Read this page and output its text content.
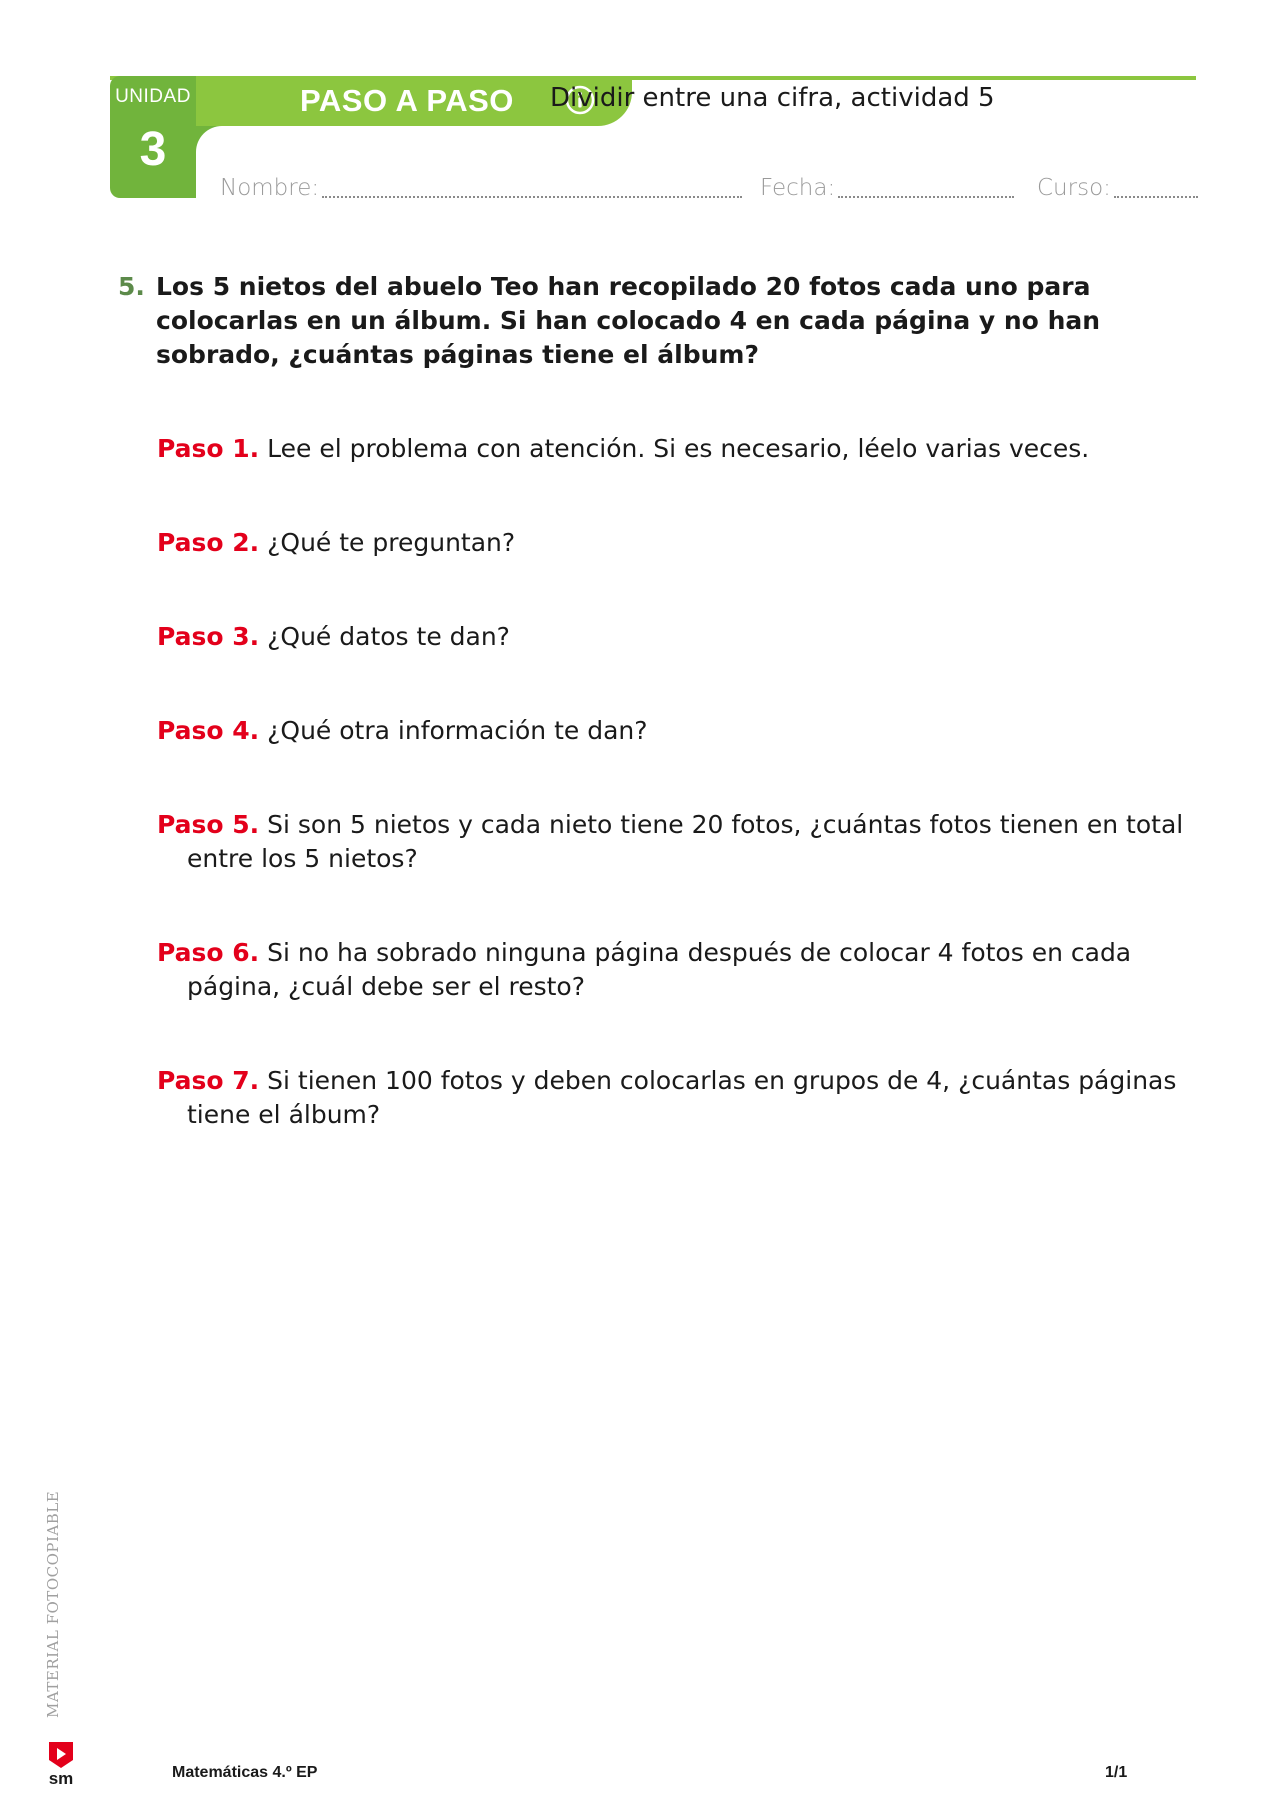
UNIDAD
3
PASO A PASO Dividir entre una cifra, actividad 5
Nombre:	Fecha:	Curso:
5. Los 5 nietos del abuelo Teo han recopilado 20 fotos cada uno para colocarlas en un álbum. Si han colocado 4 en cada página y no han sobrado, ¿cuántas páginas tiene el álbum?
Paso 1. Lee el problema con atención. Si es necesario, léelo varias veces.
Paso 2. ¿Qué te preguntan?
Paso 3. ¿Qué datos te dan?
Paso 4. ¿Qué otra información te dan?
Paso 5. Si son 5 nietos y cada nieto tiene 20 fotos, ¿cuántas fotos tienen en total entre los 5 nietos?
Paso 6. Si no ha sobrado ninguna página después de colocar 4 fotos en cada página, ¿cuál debe ser el resto?
Paso 7. Si tienen 100 fotos y deben colocarlas en grupos de 4, ¿cuántas páginas tiene el álbum?
MATERIAL FOTOCOPIABLE
sm	Matemáticas 4.º EP	1/1
